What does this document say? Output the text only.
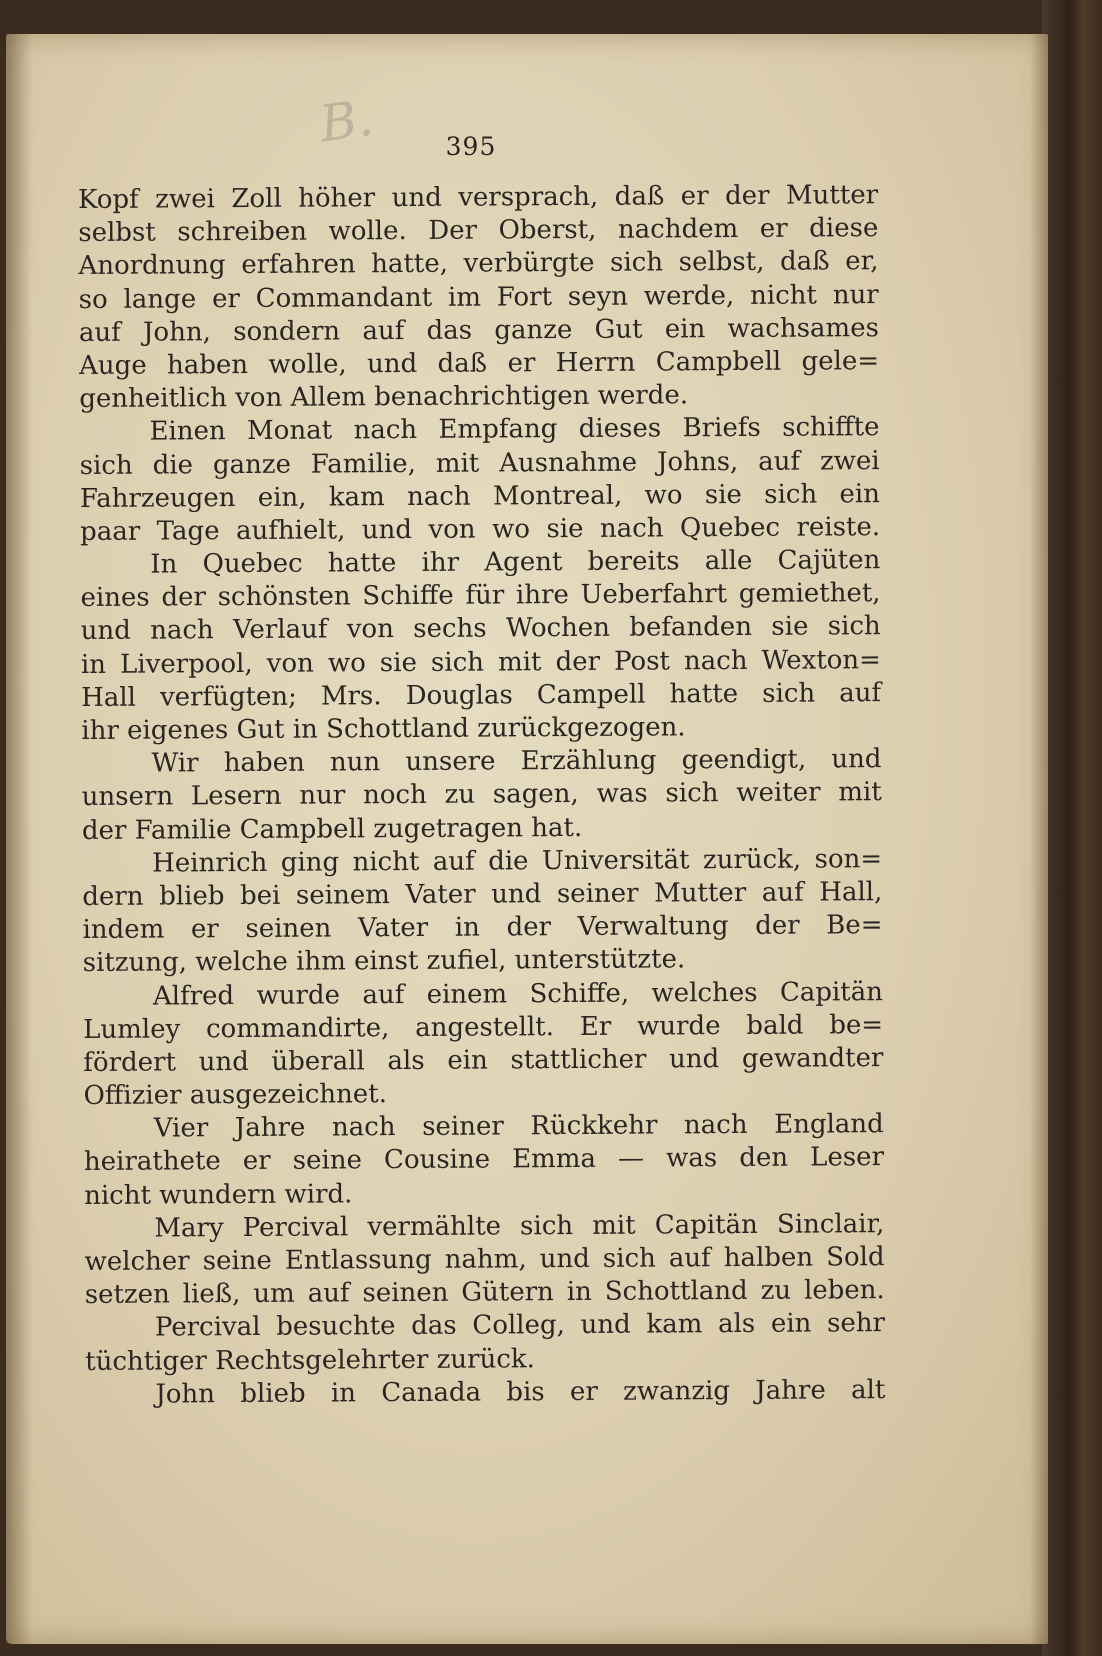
B.	395
Kopf zwei Zoll höher und versprach, daß er der Mutter
selbst schreiben wolle. Der Oberst, nachdem er diese
Anordnung erfahren hatte, verbürgte sich selbst, daß er,
so lange er Commandant im Fort seyn werde, nicht nur
auf John, sondern auf das ganze Gut ein wachsames
Auge haben wolle, und daß er Herrn Campbell gele=
genheitlich von Allem benachrichtigen werde.
Einen Monat nach Empfang dieses Briefs schiffte
sich die ganze Familie, mit Ausnahme Johns, auf zwei
Fahrzeugen ein, kam nach Montreal, wo sie sich ein
paar Tage aufhielt, und von wo sie nach Quebec reiste.
In Quebec hatte ihr Agent bereits alle Cajüten
eines der schönsten Schiffe für ihre Ueberfahrt gemiethet,
und nach Verlauf von sechs Wochen befanden sie sich
in Liverpool, von wo sie sich mit der Post nach Wexton=
Hall verfügten; Mrs. Douglas Campell hatte sich auf
ihr eigenes Gut in Schottland zurückgezogen.
Wir haben nun unsere Erzählung geendigt, und
unsern Lesern nur noch zu sagen, was sich weiter mit
der Familie Campbell zugetragen hat.
Heinrich ging nicht auf die Universität zurück, son=
dern blieb bei seinem Vater und seiner Mutter auf Hall,
indem er seinen Vater in der Verwaltung der Be=
sitzung, welche ihm einst zufiel, unterstützte.
Alfred wurde auf einem Schiffe, welches Capitän
Lumley commandirte, angestellt. Er wurde bald be=
fördert und überall als ein stattlicher und gewandter
Offizier ausgezeichnet.
Vier Jahre nach seiner Rückkehr nach England
heirathete er seine Cousine Emma — was den Leser
nicht wundern wird.
Mary Percival vermählte sich mit Capitän Sinclair,
welcher seine Entlassung nahm, und sich auf halben Sold
setzen ließ, um auf seinen Gütern in Schottland zu leben.
Percival besuchte das Colleg, und kam als ein sehr
tüchtiger Rechtsgelehrter zurück.
John blieb in Canada bis er zwanzig Jahre alt
